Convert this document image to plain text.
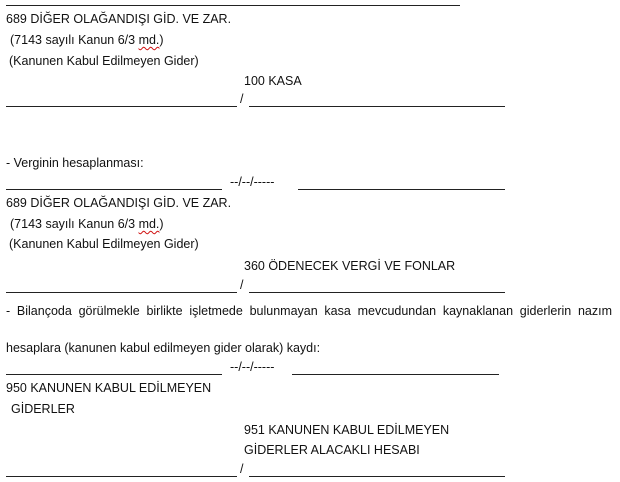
689 DİĞER OLAĞANDIŞI GİD. VE ZAR.
(7143 sayılı Kanun 6/3 md.)
(Kanunen Kabul Edilmeyen Gider)
100 KASA
/
- Verginin hesaplanması:
--/--/-----
689 DİĞER OLAĞANDIŞI GİD. VE ZAR.
(7143 sayılı Kanun 6/3 md.)
(Kanunen Kabul Edilmeyen Gider)
360 ÖDENECEK VERGİ VE FONLAR
/
- Bilançoda görülmekle birlikte işletmede bulunmayan kasa mevcudundan kaynaklanan giderlerin nazım
hesaplara (kanunen kabul edilmeyen gider olarak) kaydı:
--/--/-----
950 KANUNEN KABUL EDİLMEYEN
GİDERLER
951 KANUNEN KABUL EDİLMEYEN
GİDERLER ALACAKLI HESABI
/
